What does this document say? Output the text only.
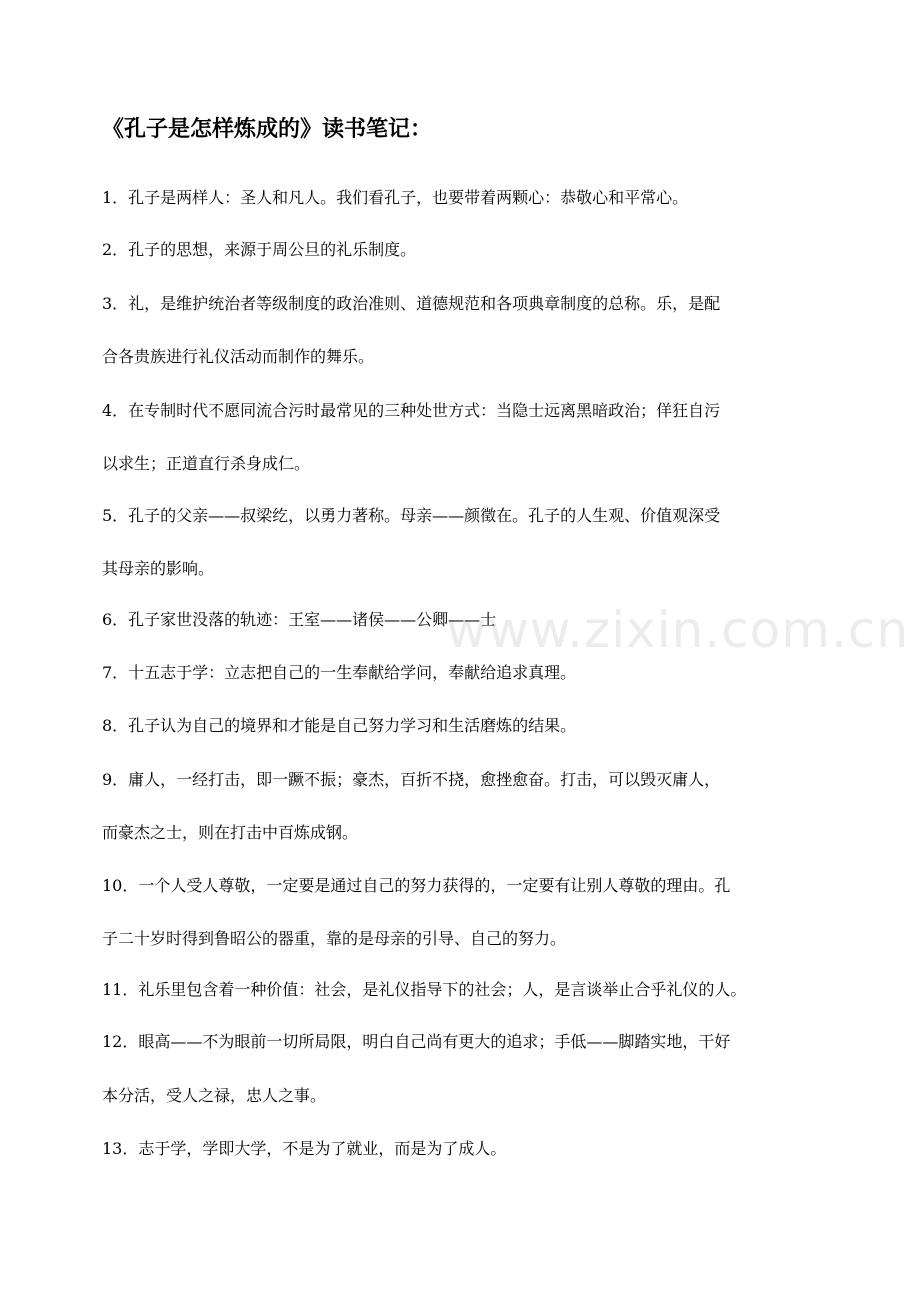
《孔子是怎样炼成的》读书笔记：

1．孔子是两样人：圣人和凡人。我们看孔子，也要带着两颗心：恭敬心和平常心。

2．孔子的思想，来源于周公旦的礼乐制度。

3．礼，是维护统治者等级制度的政治准则、道德规范和各项典章制度的总称。乐，是配

合各贵族进行礼仪活动而制作的舞乐。

4．在专制时代不愿同流合污时最常见的三种处世方式：当隐士远离黑暗政治；佯狂自污

以求生；正道直行杀身成仁。

5．孔子的父亲——叔梁纥，以勇力著称。母亲——颜徵在。孔子的人生观、价值观深受

其母亲的影响。

6．孔子家世没落的轨迹：王室——诸侯——公卿——士

7．十五志于学：立志把自己的一生奉献给学问，奉献给追求真理。

8．孔子认为自己的境界和才能是自己努力学习和生活磨炼的结果。

9．庸人，一经打击，即一蹶不振；豪杰，百折不挠，愈挫愈奋。打击，可以毁灭庸人，

而豪杰之士，则在打击中百炼成钢。

10．一个人受人尊敬，一定要是通过自己的努力获得的，一定要有让别人尊敬的理由。孔

子二十岁时得到鲁昭公的器重，靠的是母亲的引导、自己的努力。

11．礼乐里包含着一种价值：社会，是礼仪指导下的社会；人，是言谈举止合乎礼仪的人。

12．眼高——不为眼前一切所局限，明白自己尚有更大的追求；手低——脚踏实地，干好

本分活，受人之禄，忠人之事。

13．志于学，学即大学，不是为了就业，而是为了成人。

www.zixin.com.cn
